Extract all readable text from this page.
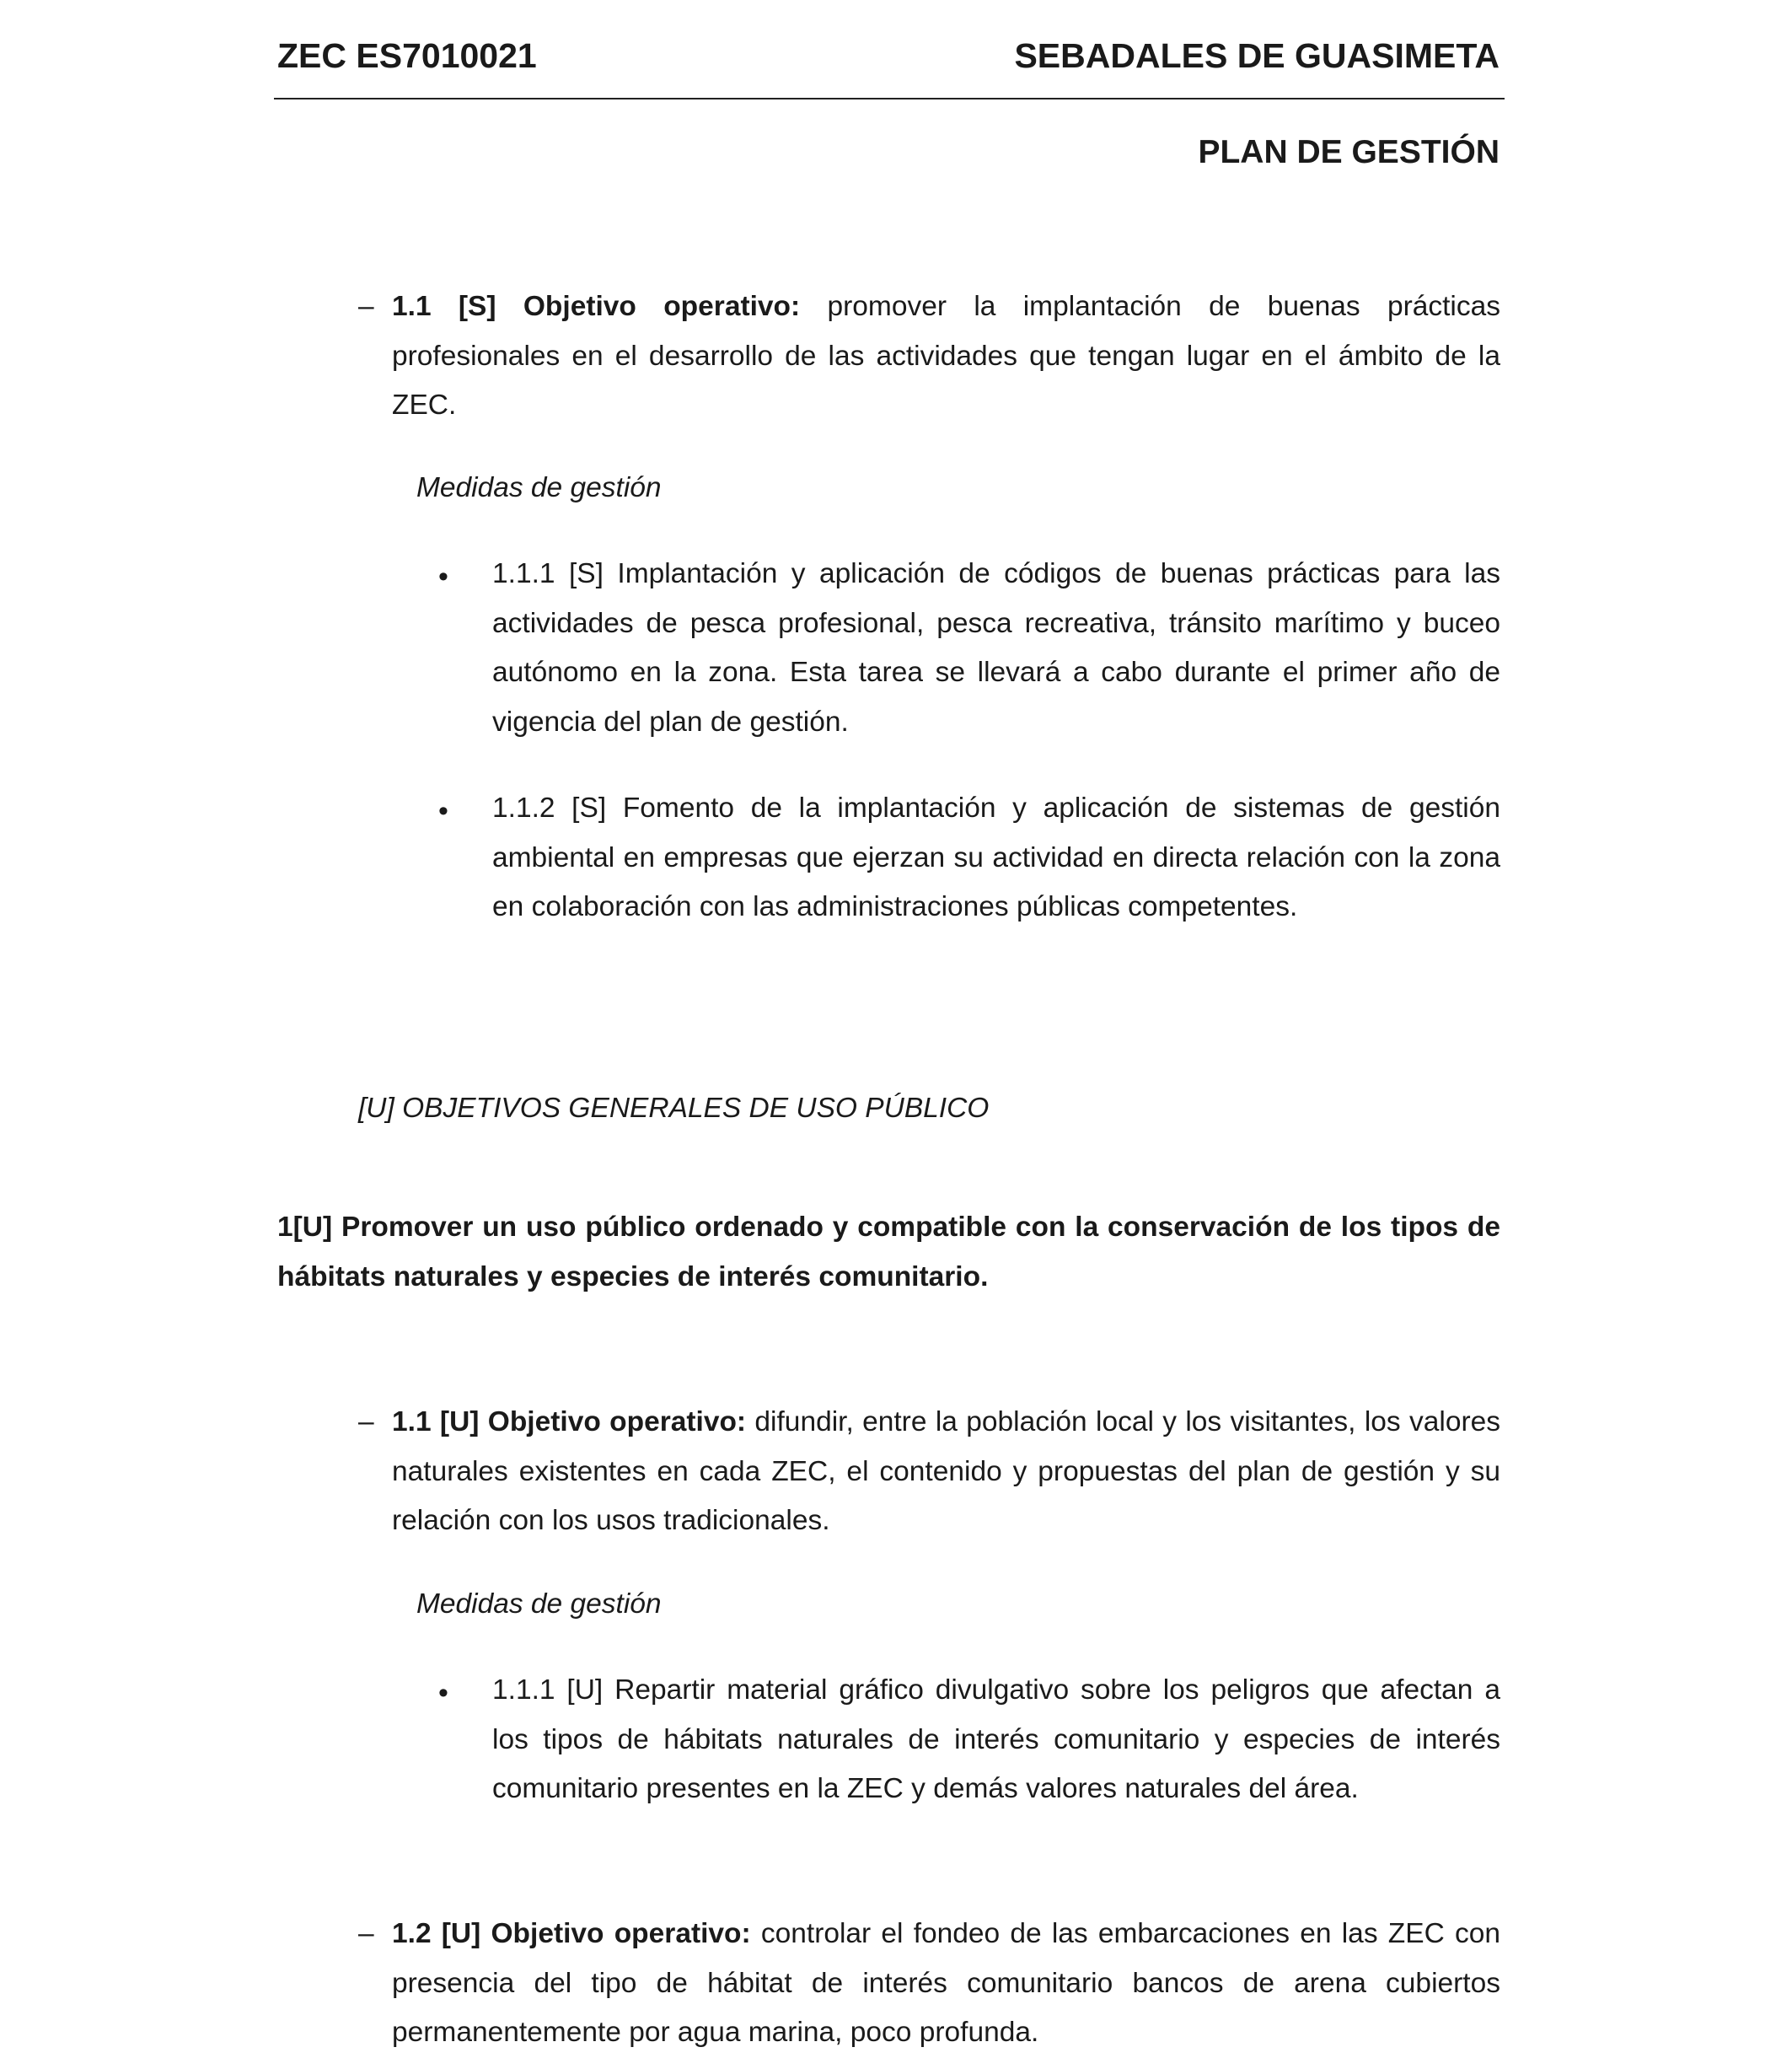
ZEC ES7010021	SEBADALES DE GUASIMETA
PLAN DE GESTIÓN
– 1.1 [S] Objetivo operativo: promover la implantación de buenas prácticas profesionales en el desarrollo de las actividades que tengan lugar en el ámbito de la ZEC.
Medidas de gestión
• 1.1.1 [S] Implantación y aplicación de códigos de buenas prácticas para las actividades de pesca profesional, pesca recreativa, tránsito marítimo y buceo autónomo en la zona. Esta tarea se llevará a cabo durante el primer año de vigencia del plan de gestión.
• 1.1.2 [S] Fomento de la implantación y aplicación de sistemas de gestión ambiental en empresas que ejerzan su actividad en directa relación con la zona en colaboración con las administraciones públicas competentes.
[U] OBJETIVOS GENERALES DE USO PÚBLICO
1[U] Promover un uso público ordenado y compatible con la conservación de los tipos de hábitats naturales y especies de interés comunitario.
– 1.1 [U] Objetivo operativo: difundir, entre la población local y los visitantes, los valores naturales existentes en cada ZEC, el contenido y propuestas del plan de gestión y su relación con los usos tradicionales.
Medidas de gestión
• 1.1.1 [U] Repartir material gráfico divulgativo sobre los peligros que afectan a los tipos de hábitats naturales de interés comunitario y especies de interés comunitario presentes en la ZEC y demás valores naturales del área.
– 1.2 [U] Objetivo operativo: controlar el fondeo de las embarcaciones en las ZEC con presencia del tipo de hábitat de interés comunitario bancos de arena cubiertos permanentemente por agua marina, poco profunda.
